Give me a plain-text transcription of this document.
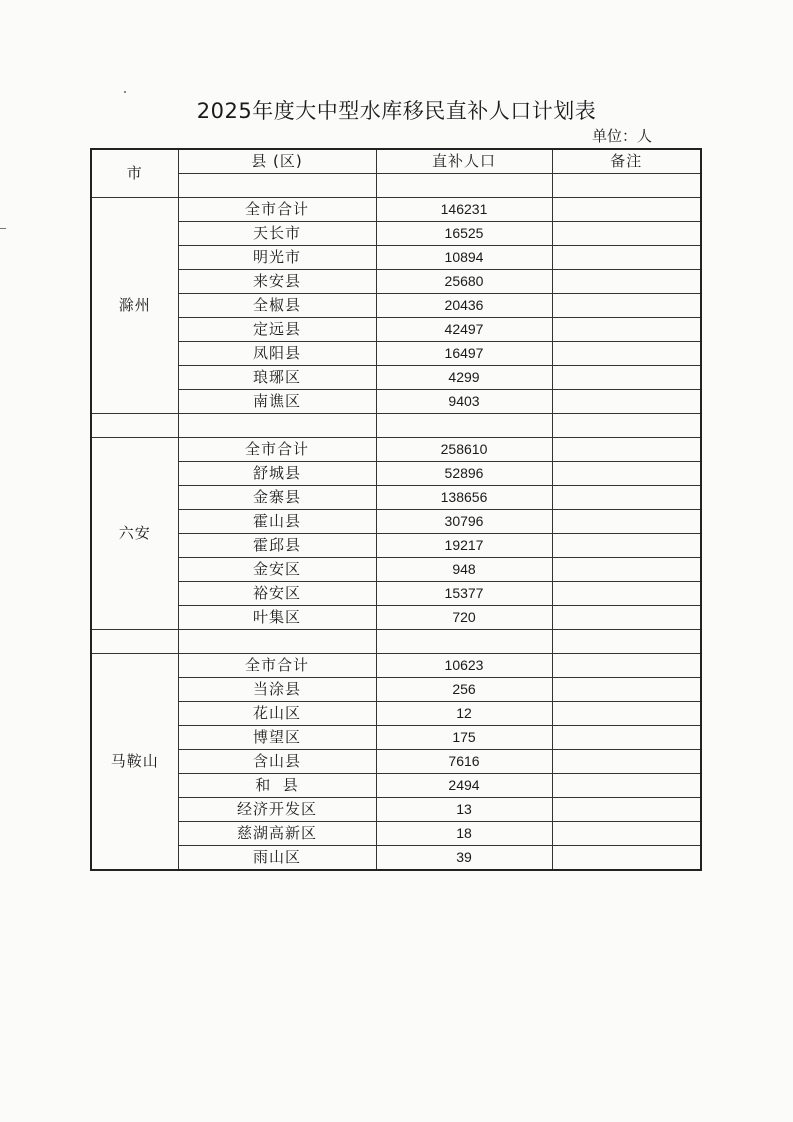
2025年度大中型水库移民直补人口计划表
单位：人
市	县 (区)	直补人口	备注

滁州	全市合计	146231	
	天长市	16525	
	明光市	10894	
	来安县	25680	
	全椒县	20436	
	定远县	42497	
	凤阳县	16497	
	琅琊区	4299	
	南谯区	9403	

六安	全市合计	258610	
	舒城县	52896	
	金寨县	138656	
	霍山县	30796	
	霍邱县	19217	
	金安区	948	
	裕安区	15377	
	叶集区	720	

马鞍山	全市合计	10623	
	当涂县	256	
	花山区	12	
	博望区	175	
	含山县	7616	
	和  县	2494	
	经济开发区	13	
	慈湖高新区	18	
	雨山区	39	
